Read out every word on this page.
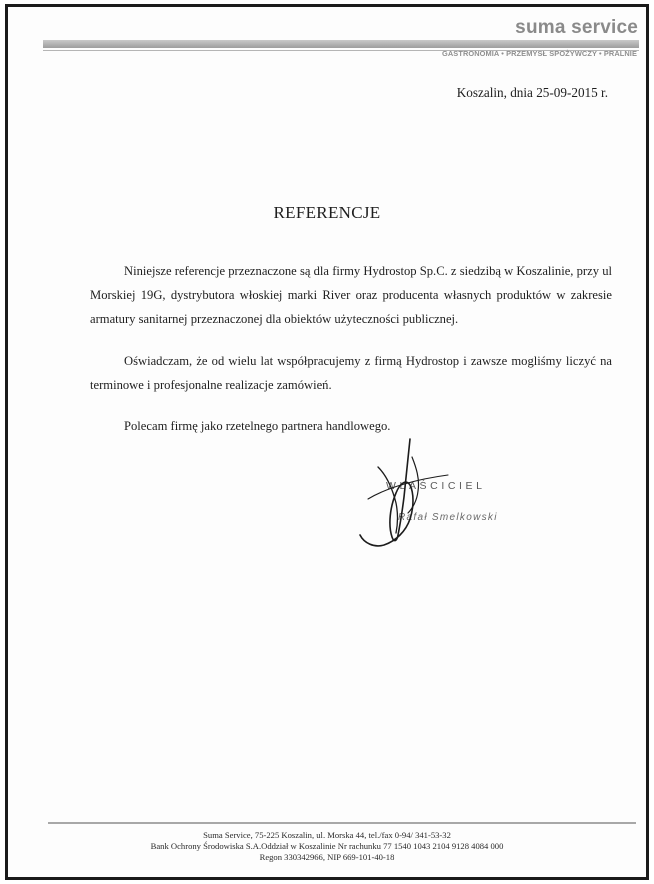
suma service
GASTRONOMIA • PRZEMYSŁ SPOŻYWCZY • PRALNIE
Koszalin, dnia 25-09-2015 r.
REFERENCJE
Niniejsze referencje przeznaczone są dla firmy Hydrostop Sp.C. z siedzibą w Koszalinie, przy ul Morskiej 19G, dystrybutora włoskiej marki River oraz producenta własnych produktów w zakresie armatury sanitarnej przeznaczonej dla obiektów użyteczności publicznej.
Oświadczam, że od wielu lat współpracujemy z firmą Hydrostop i zawsze mogliśmy liczyć na terminowe i profesjonalne realizacje zamówień.
Polecam firmę jako rzetelnego partnera handlowego.
WŁAŚCICIEL
Rafał Smelkowski
Suma Service, 75-225 Koszalin, ul. Morska 44, tel./fax 0-94/ 341-53-32
Bank Ochrony Środowiska S.A.Oddział w Koszalinie Nr rachunku 77 1540 1043 2104 9128 4084 000
Regon 330342966, NIP 669-101-40-18
